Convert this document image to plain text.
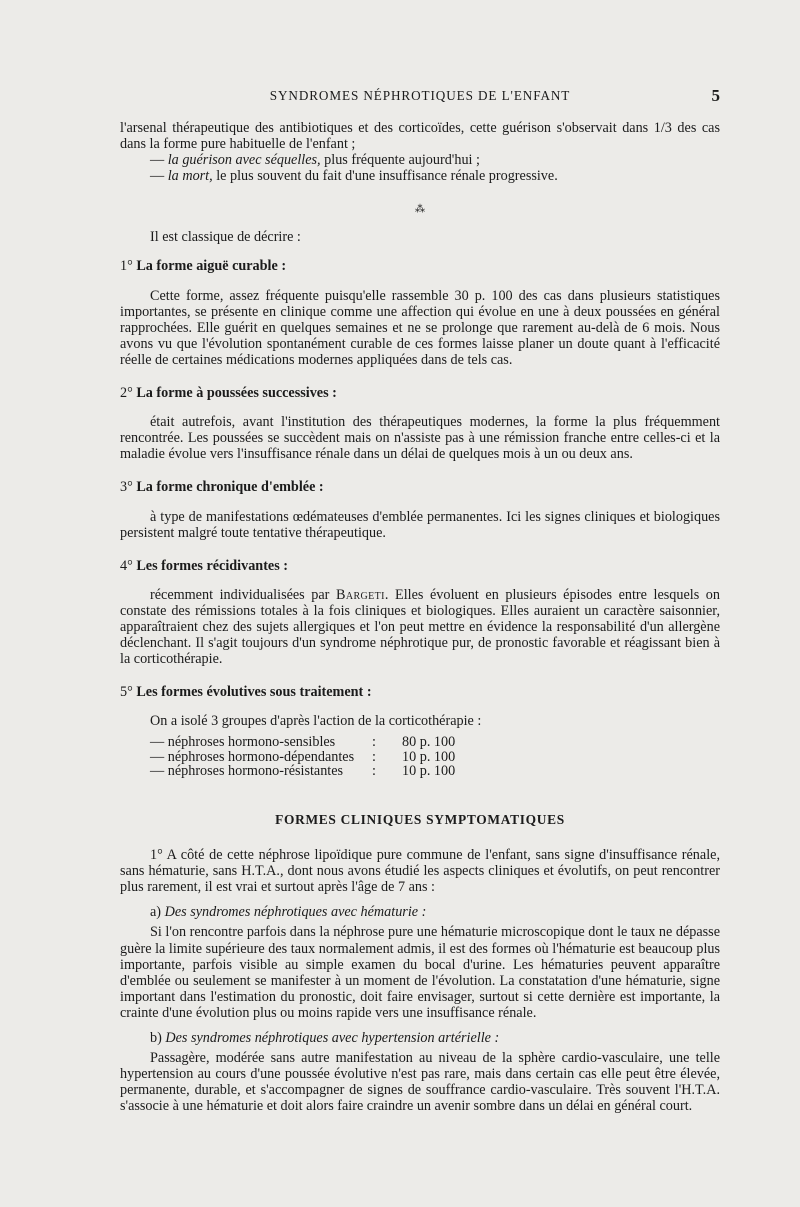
SYNDROMES NÉPHROTIQUES DE L'ENFANT	5

l'arsenal thérapeutique des antibiotiques et des corticoïdes, cette guérison s'observait dans 1/3 des cas dans la forme pure habituelle de l'enfant ;

— la guérison avec séquelles, plus fréquente aujourd'hui ;

— la mort, le plus souvent du fait d'une insuffisance rénale progressive.

⁂

Il est classique de décrire :

1° La forme aiguë curable :

Cette forme, assez fréquente puisqu'elle rassemble 30 p. 100 des cas dans plusieurs statistiques importantes, se présente en clinique comme une affection qui évolue en une à deux poussées en général rapprochées. Elle guérit en quelques semaines et ne se prolonge que rarement au-delà de 6 mois. Nous avons vu que l'évolution spontanément curable de ces formes laisse planer un doute quant à l'efficacité réelle de certaines médications modernes appliquées dans de tels cas.

2° La forme à poussées successives :

était autrefois, avant l'institution des thérapeutiques modernes, la forme la plus fréquemment rencontrée. Les poussées se succèdent mais on n'assiste pas à une rémission franche entre celles-ci et la maladie évolue vers l'insuffisance rénale dans un délai de quelques mois à un ou deux ans.

3° La forme chronique d'emblée :

à type de manifestations œdémateuses d'emblée permanentes. Ici les signes cliniques et biologiques persistent malgré toute tentative thérapeutique.

4° Les formes récidivantes :

récemment individualisées par Bargeti. Elles évoluent en plusieurs épisodes entre lesquels on constate des rémissions totales à la fois cliniques et biologiques. Elles auraient un caractère saisonnier, apparaîtraient chez des sujets allergiques et l'on peut mettre en évidence la responsabilité d'un allergène déclenchant. Il s'agit toujours d'un syndrome néphrotique pur, de pronostic favorable et réagissant bien à la corticothérapie.

5° Les formes évolutives sous traitement :

On a isolé 3 groupes d'après l'action de la corticothérapie :

— néphroses hormono-sensibles	:	80 p. 100
— néphroses hormono-dépendantes	:	10 p. 100
— néphroses hormono-résistantes	:	10 p. 100
FORMES CLINIQUES SYMPTOMATIQUES

1° A côté de cette néphrose lipoïdique pure commune de l'enfant, sans signe d'insuffisance rénale, sans hématurie, sans H.T.A., dont nous avons étudié les aspects cliniques et évolutifs, on peut rencontrer plus rarement, il est vrai et surtout après l'âge de 7 ans :

a) Des syndromes néphrotiques avec hématurie :

Si l'on rencontre parfois dans la néphrose pure une hématurie microscopique dont le taux ne dépasse guère la limite supérieure des taux normalement admis, il est des formes où l'hématurie est beaucoup plus importante, parfois visible au simple examen du bocal d'urine. Les hématuries peuvent apparaître d'emblée ou seulement se manifester à un moment de l'évolution. La constatation d'une hématurie, signe important dans l'estimation du pronostic, doit faire envisager, surtout si cette dernière est importante, la crainte d'une évolution plus ou moins rapide vers une insuffisance rénale.

b) Des syndromes néphrotiques avec hypertension artérielle :

Passagère, modérée sans autre manifestation au niveau de la sphère cardio-vasculaire, une telle hypertension au cours d'une poussée évolutive n'est pas rare, mais dans certain cas elle peut être élevée, permanente, durable, et s'accompagner de signes de souffrance cardio-vasculaire. Très souvent l'H.T.A. s'associe à une hématurie et doit alors faire craindre un avenir sombre dans un délai en général court.
